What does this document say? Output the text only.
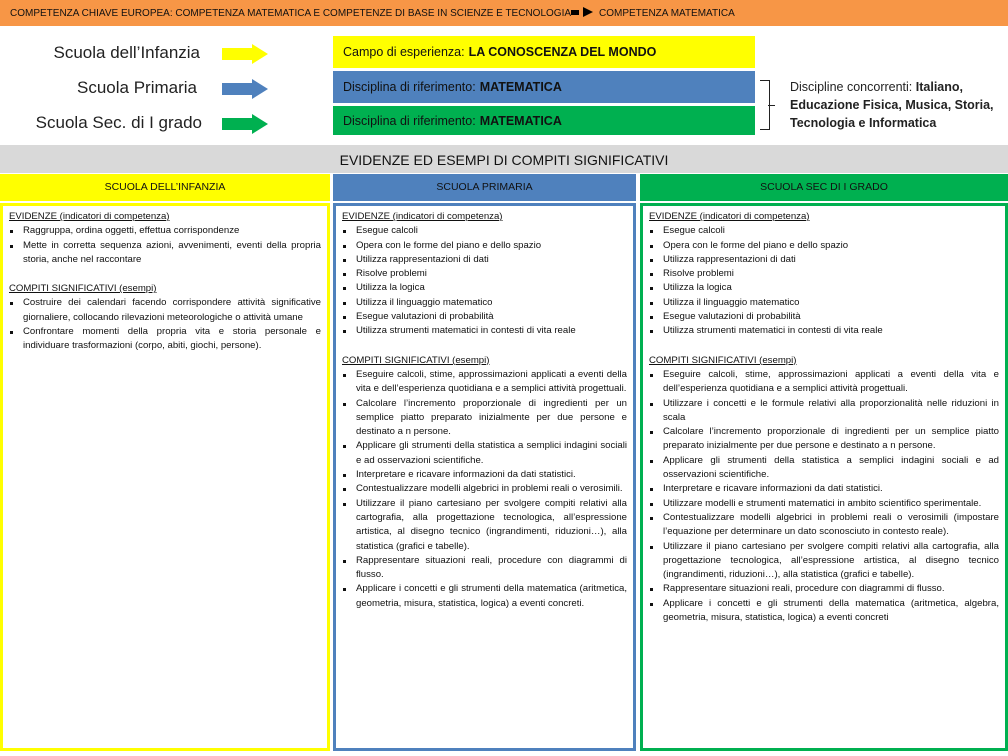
COMPETENZA CHIAVE EUROPEA: COMPETENZA MATEMATICA E COMPETENZE DI BASE IN SCIENZE E TECNOLOGIA	COMPETENZA MATEMATICA
Scuola dell’Infanzia	Campo di esperienza: LA CONOSCENZA DEL MONDO
Scuola Primaria	Disciplina di riferimento: MATEMATICA
Scuola Sec. di I grado	Disciplina di riferimento: MATEMATICA
Discipline concorrenti: Italiano, Educazione Fisica, Musica, Storia, Tecnologia e Informatica
EVIDENZE ED ESEMPI DI COMPITI SIGNIFICATIVI
SCUOLA DELL’INFANZIA
EVIDENZE (indicatori di competenza)
Raggruppa, ordina oggetti, effettua corrispondenze
Mette in corretta sequenza azioni, avvenimenti, eventi della propria storia, anche nel raccontare
COMPITI SIGNIFICATIVI (esempi)
Costruire dei calendari facendo corrispondere attività significative giornaliere, collocando rilevazioni meteorologiche o attività umane
Confrontare momenti della propria vita e storia personale e individuare trasformazioni (corpo, abiti, giochi, persone).
SCUOLA PRIMARIA
EVIDENZE (indicatori di competenza)
Esegue calcoli
Opera con le forme del piano e dello spazio
Utilizza rappresentazioni di dati
Risolve problemi
Utilizza la logica
Utilizza il linguaggio matematico
Esegue valutazioni di probabilità
Utilizza strumenti matematici in contesti di vita reale
COMPITI SIGNIFICATIVI (esempi)
Eseguire calcoli, stime, approssimazioni applicati a eventi della vita e dell’esperienza quotidiana e a semplici attività progettuali.
Calcolare l’incremento proporzionale di ingredienti per un semplice piatto preparato inizialmente per due persone e destinato a n persone.
Applicare gli strumenti della statistica a semplici indagini sociali e ad osservazioni scientifiche.
Interpretare e ricavare informazioni da dati statistici.
Contestualizzare modelli algebrici in problemi reali o verosimili.
Utilizzare il piano cartesiano per svolgere compiti relativi alla cartografia, alla progettazione tecnologica, all’espressione artistica, al disegno tecnico (ingrandimenti, riduzioni…), alla statistica (grafici e tabelle).
Rappresentare situazioni reali, procedure con diagrammi di flusso.
Applicare i concetti e gli strumenti della matematica (aritmetica, geometria, misura, statistica, logica) a eventi concreti.
SCUOLA SEC DI I GRADO
EVIDENZE (indicatori di competenza)
Esegue calcoli
Opera con le forme del piano e dello spazio
Utilizza rappresentazioni di dati
Risolve problemi
Utilizza la logica
Utilizza il linguaggio matematico
Esegue valutazioni di probabilità
Utilizza strumenti matematici in contesti di vita reale
COMPITI SIGNIFICATIVI (esempi)
Eseguire calcoli, stime, approssimazioni applicati a eventi della vita e dell’esperienza quotidiana e a semplici attività progettuali.
Utilizzare i concetti e le formule relativi alla proporzionalità nelle riduzioni in scala
Calcolare l’incremento proporzionale di ingredienti per un semplice piatto preparato inizialmente per due persone e destinato a n persone.
Applicare gli strumenti della statistica a semplici indagini sociali e ad osservazioni scientifiche.
Interpretare e ricavare informazioni da dati statistici.
Utilizzare modelli e strumenti matematici in ambito scientifico sperimentale.
Contestualizzare modelli algebrici in problemi reali o verosimili (impostare l’equazione per determinare un dato sconosciuto in contesto reale).
Utilizzare il piano cartesiano per svolgere compiti relativi alla cartografia, alla progettazione tecnologica, all’espressione artistica, al disegno tecnico (ingrandimenti, riduzioni…), alla statistica (grafici e tabelle).
Rappresentare situazioni reali, procedure con diagrammi di flusso.
Applicare i concetti e gli strumenti della matematica (aritmetica, algebra, geometria, misura, statistica, logica) a eventi concreti
